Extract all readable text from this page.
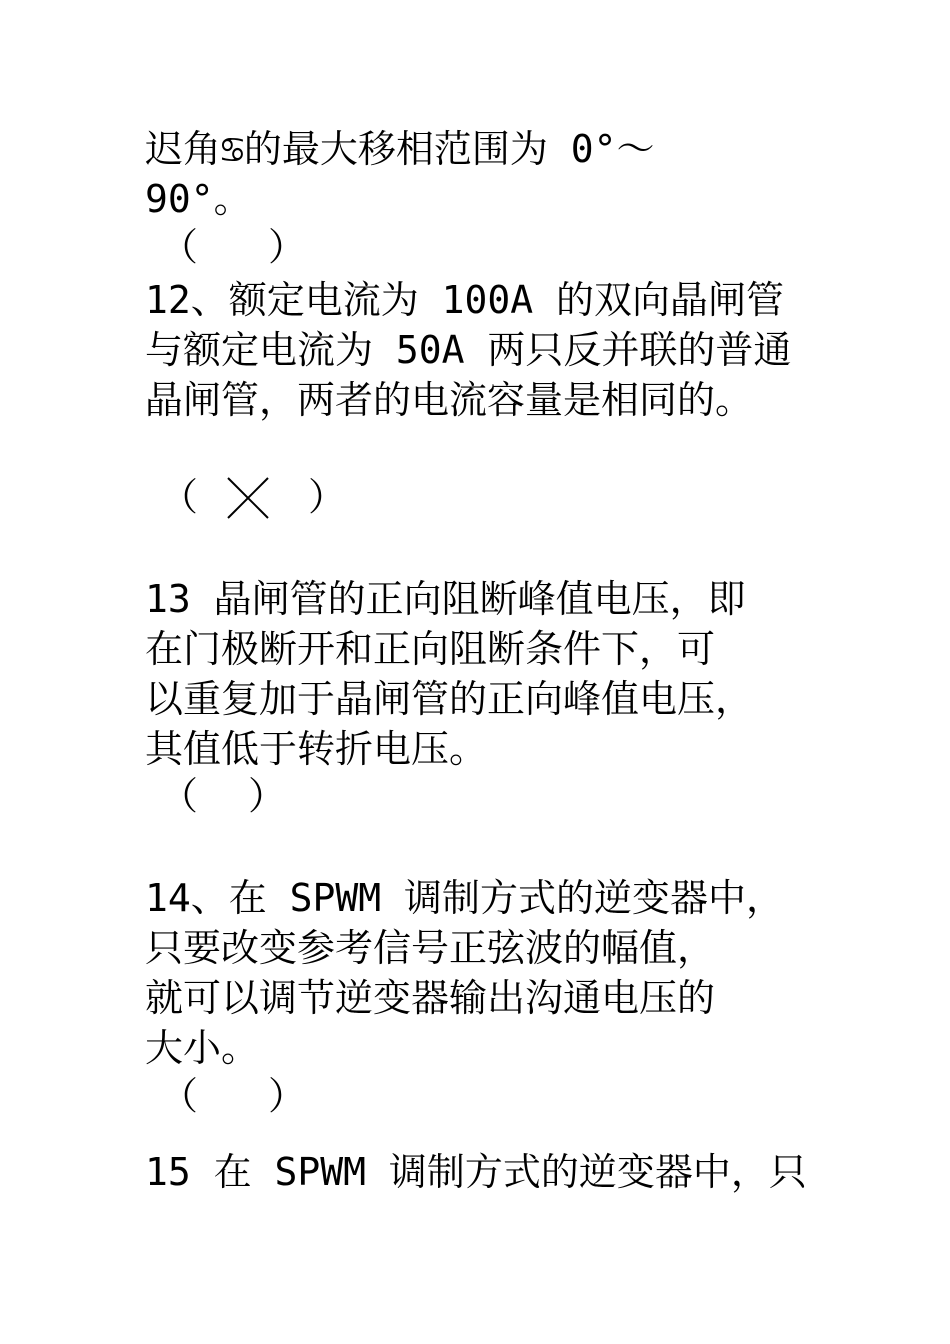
迟角♋的最大移相范围为 0°～
90°。
（ ）
12、额定电流为 100A 的双向晶闸管
与额定电流为 50A 两只反并联的普通
晶闸管，两者的电流容量是相同的。
（	）
13 晶闸管的正向阻断峰值电压，即
在门极断开和正向阻断条件下，可
以重复加于晶闸管的正向峰值电压，
其值低于转折电压。
（ ）
14、在 SPWM 调制方式的逆变器中，
只要改变参考信号正弦波的幅值，
就可以调节逆变器输出沟通电压的
大小。
（ ）
15 在 SPWM 调制方式的逆变器中，只
